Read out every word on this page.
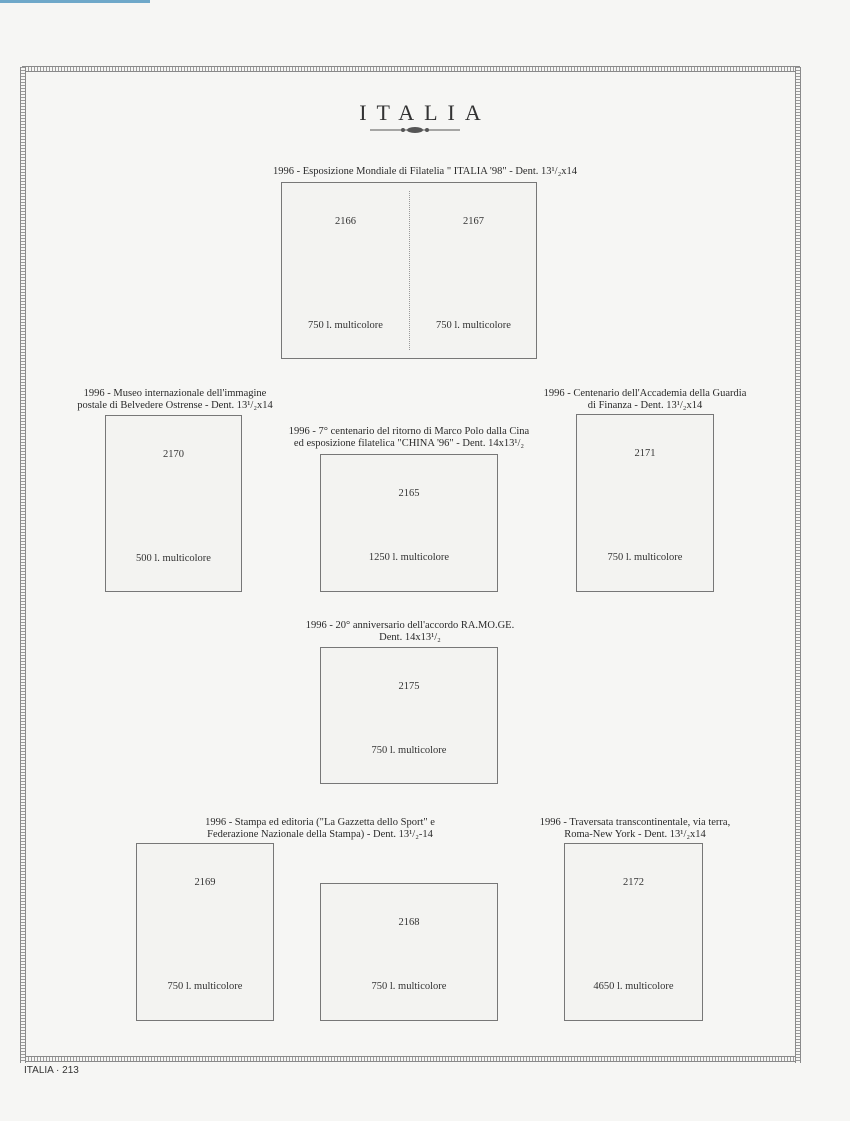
ITALIA
1996 - Esposizione Mondiale di Filatelia " ITALIA '98" - Dent. 13¹/₂x14
2166
750 l. multicolore
2167
750 l. multicolore
1996 - Museo internazionale dell'immagine
postale di Belvedere Ostrense - Dent. 13¹/₂x14
2170
500 l. multicolore
1996 - 7° centenario del ritorno di Marco Polo dalla Cina
ed esposizione filatelica "CHINA '96" - Dent. 14x13¹/₂
2165
1250 l. multicolore
1996 - Centenario dell'Accademia della Guardia
di Finanza - Dent. 13¹/₂x14
2171
750 l. multicolore
1996 - 20° anniversario dell'accordo RA.MO.GE.
Dent. 14x13¹/₂
2175
750 l. multicolore
1996 - Stampa ed editoria ("La Gazzetta dello Sport" e
Federazione Nazionale della Stampa) - Dent. 13¹/₂-14
2169
750 l. multicolore
2168
750 l. multicolore
1996 - Traversata transcontinentale, via terra,
Roma-New York - Dent. 13¹/₂x14
2172
4650 l. multicolore
ITALIA · 213
